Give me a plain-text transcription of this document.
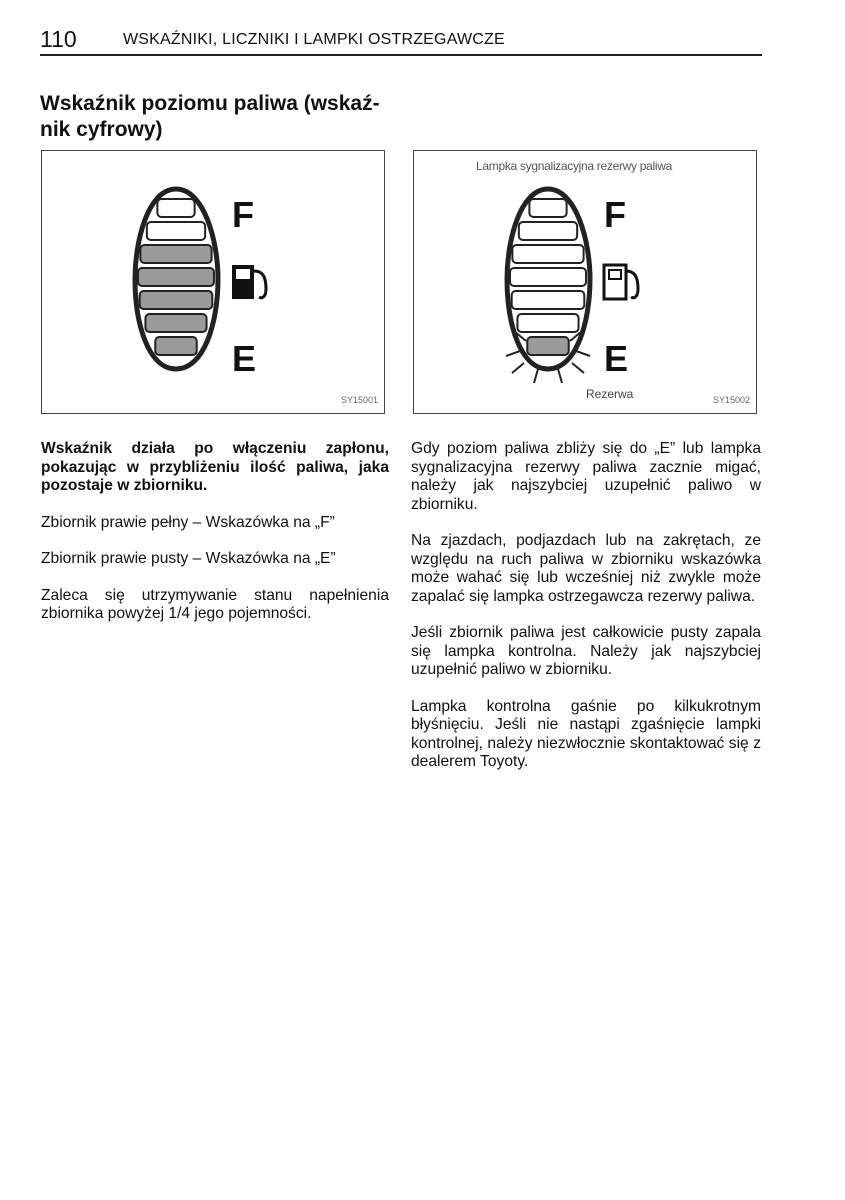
110	WSKAŹNIKI, LICZNIKI I LAMPKI OSTRZEGAWCZE
Wskaźnik poziomu paliwa (wskaź-nik cyfrowy)
F
E
SY15001
F
E
Lampka sygnalizacyjna rezerwy paliwa
Rezerwa	SY15002

Wskaźnik działa po włączeniu zapłonu, pokazując w przybliżeniu ilość paliwa, jaka pozostaje w zbiorniku.

Zbiornik prawie pełny – Wskazówka na „F”

Zbiornik prawie pusty – Wskazówka na „E”

Zaleca się utrzymywanie stanu napełnienia zbiornika powyżej 1/4 jego pojemności.

Gdy poziom paliwa zbliży się do „E” lub lampka sygnalizacyjna rezerwy paliwa zacznie migać, należy jak najszybciej uzupełnić paliwo w zbiorniku.

Na zjazdach, podjazdach lub na zakrętach, ze względu na ruch paliwa w zbiorniku wskazówka może wahać się lub wcześniej niż zwykle może zapalać się lampka ostrzegawcza rezerwy paliwa.

Jeśli zbiornik paliwa jest całkowicie pusty zapala się lampka kontrolna. Należy jak najszybciej uzupełnić paliwo w zbiorniku.

Lampka kontrolna gaśnie po kilkukrotnym błyśnięciu. Jeśli nie nastąpi zgaśnięcie lampki kontrolnej, należy niezwłocznie skontaktować się z dealerem Toyoty.
